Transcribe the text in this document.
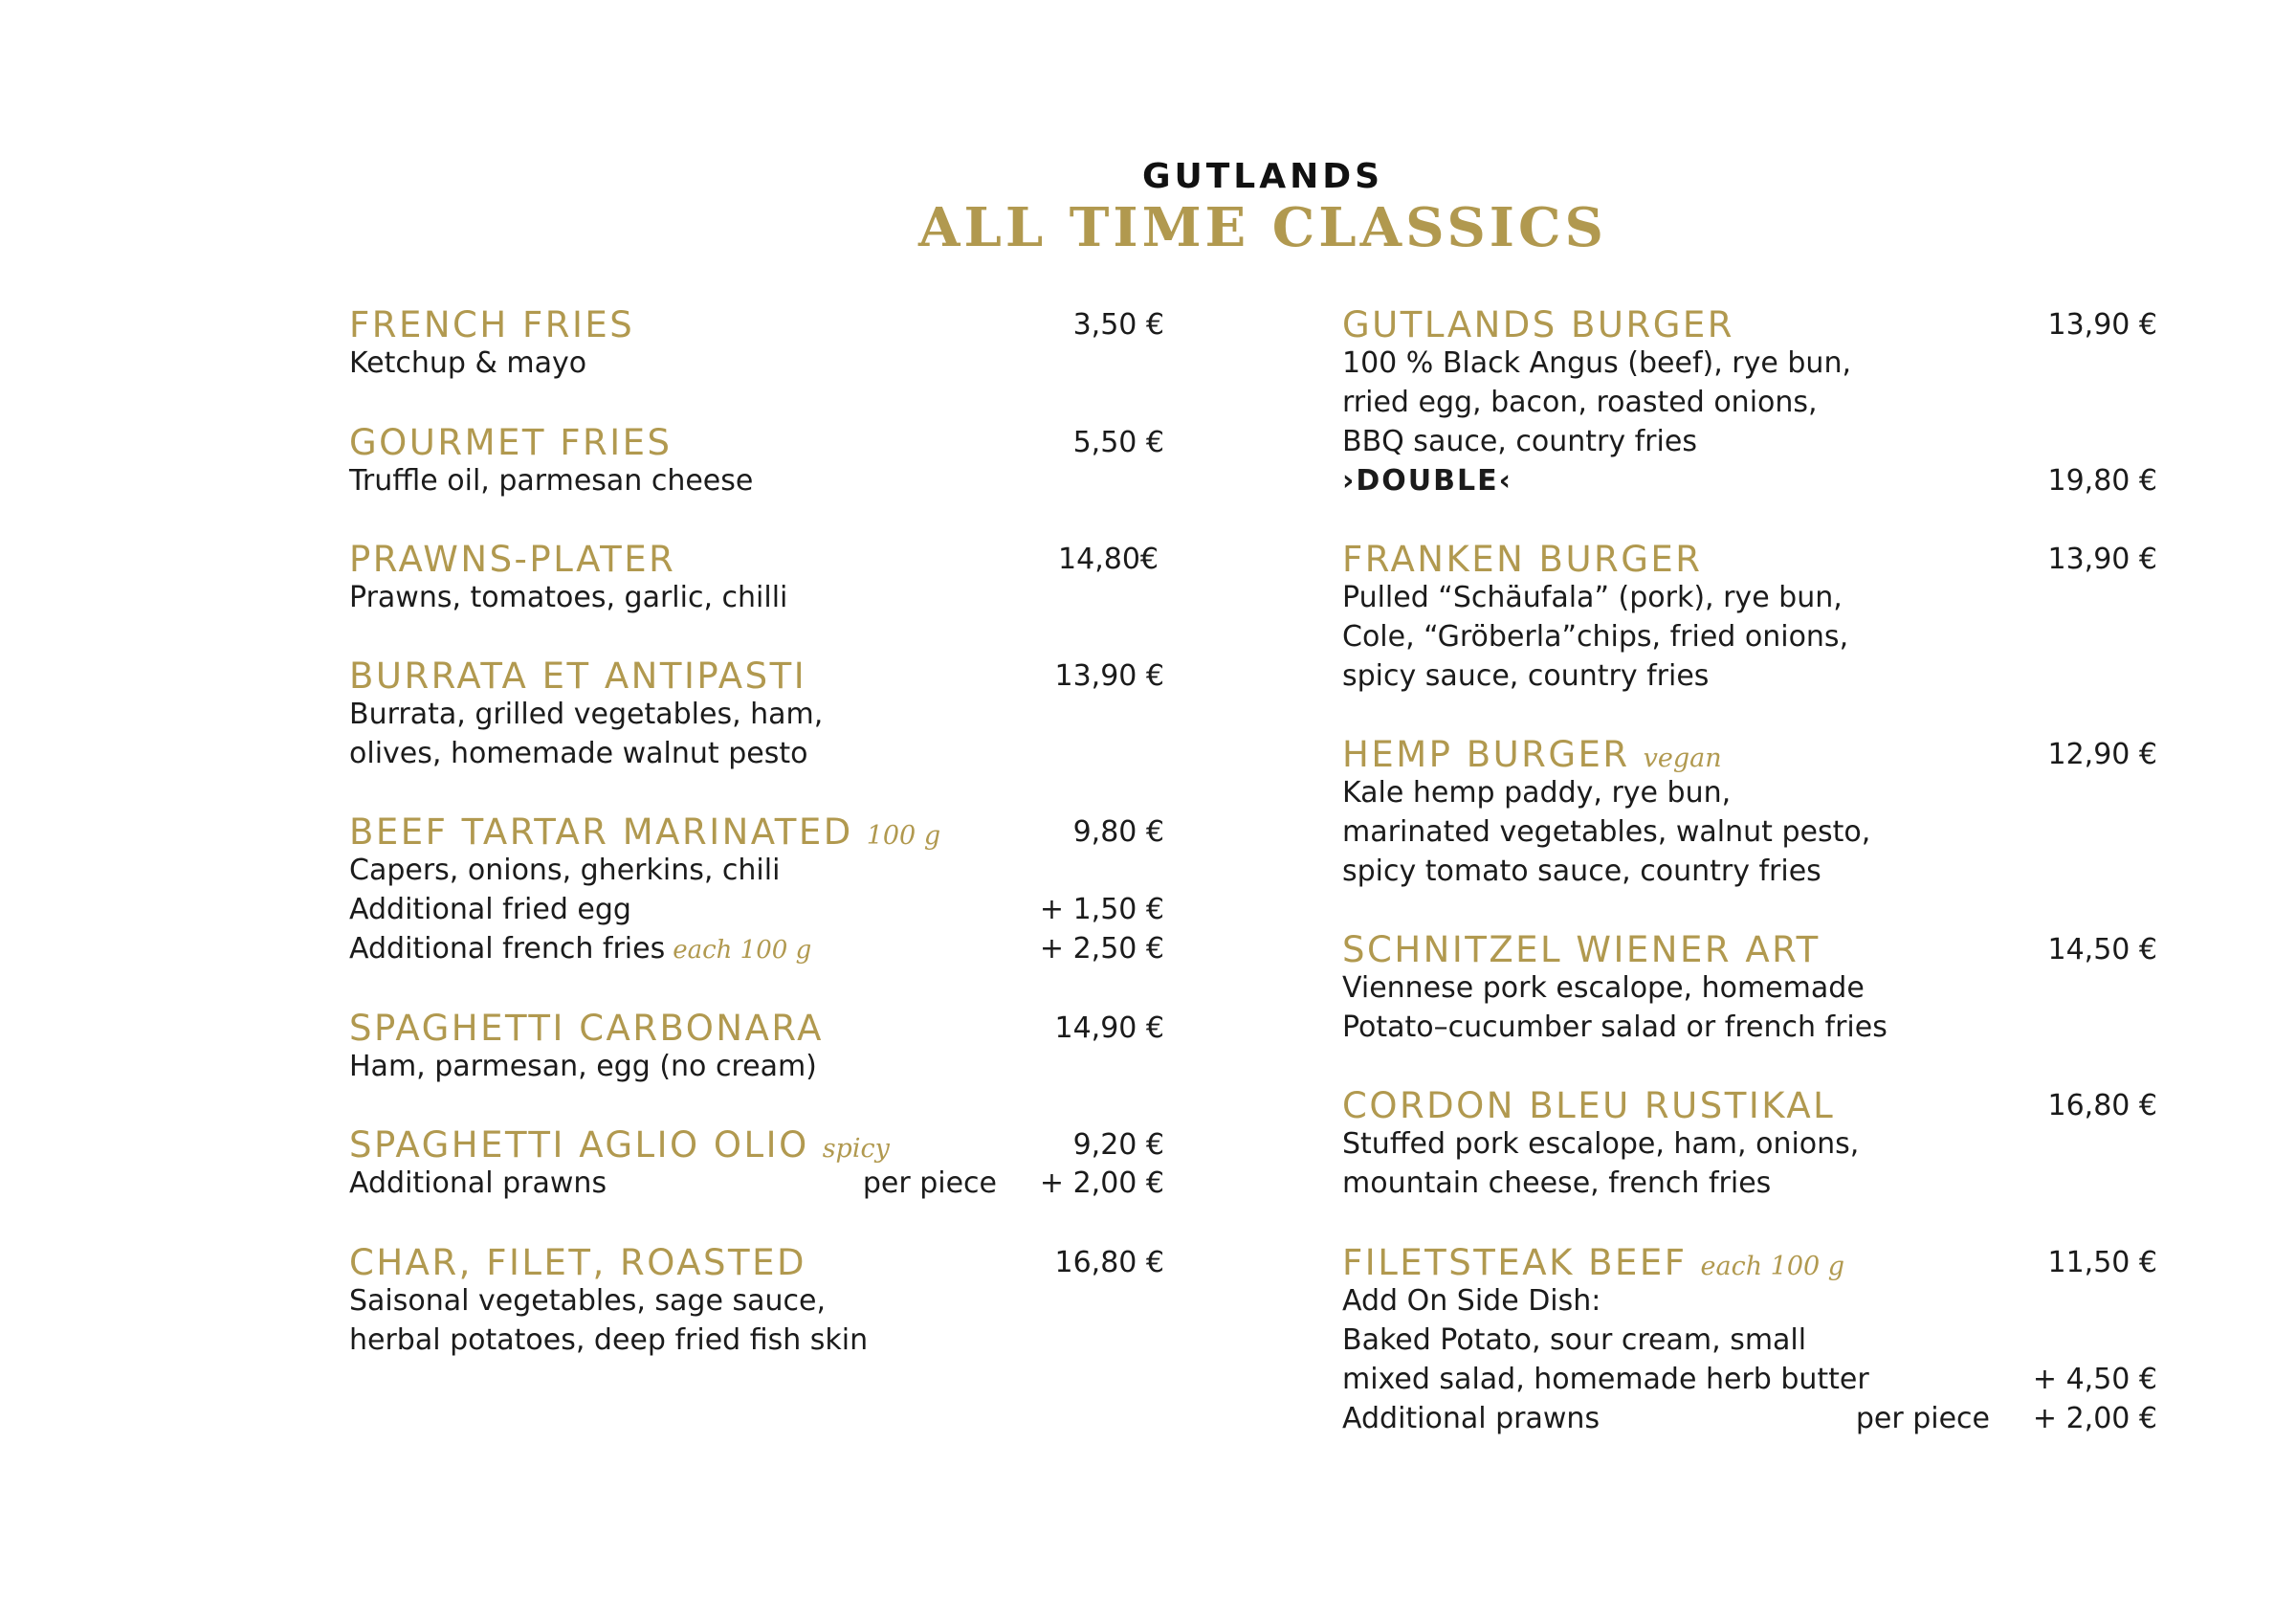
GUTLANDS
ALL TIME CLASSICS
FRENCH FRIES	3,50 €
Ketchup & mayo
GOURMET FRIES	5,50 €
Truffle oil, parmesan cheese
PRAWNS-PLATER	14,80€
Prawns, tomatoes, garlic, chilli
BURRATA ET ANTIPASTI	13,90 €
Burrata, grilled vegetables, ham,
olives, homemade walnut pesto
BEEF TARTAR MARINATED 100 g	9,80 €
Capers, onions, gherkins, chili
Additional fried egg	+ 1,50 €
Additional french fries each 100 g	+ 2,50 €
SPAGHETTI CARBONARA	14,90 €
Ham, parmesan, egg (no cream)
SPAGHETTI AGLIO OLIO spicy	9,20 €
Additional prawns	per piece + 2,00 €
CHAR, FILET, ROASTED	16,80 €
Saisonal vegetables, sage sauce,
herbal potatoes, deep fried fish skin
GUTLANDS BURGER	13,90 €
100 % Black Angus (beef), rye bun,
rried egg, bacon, roasted onions,
BBQ sauce, country fries
›DOUBLE‹	19,80 €
FRANKEN BURGER	13,90 €
Pulled “Schäufala” (pork), rye bun,
Cole, “Gröberla”chips, fried onions,
spicy sauce, country fries
HEMP BURGER vegan	12,90 €
Kale hemp paddy, rye bun,
marinated vegetables, walnut pesto,
spicy tomato sauce, country fries
SCHNITZEL WIENER ART	14,50 €
Viennese pork escalope, homemade
Potato–cucumber salad or french fries
CORDON BLEU RUSTIKAL	16,80 €
Stuffed pork escalope, ham, onions,
mountain cheese, french fries
FILETSTEAK BEEF each 100 g	11,50 €
Add On Side Dish:
Baked Potato, sour cream, small
mixed salad, homemade herb butter	+ 4,50 €
Additional prawns	per piece + 2,00 €
